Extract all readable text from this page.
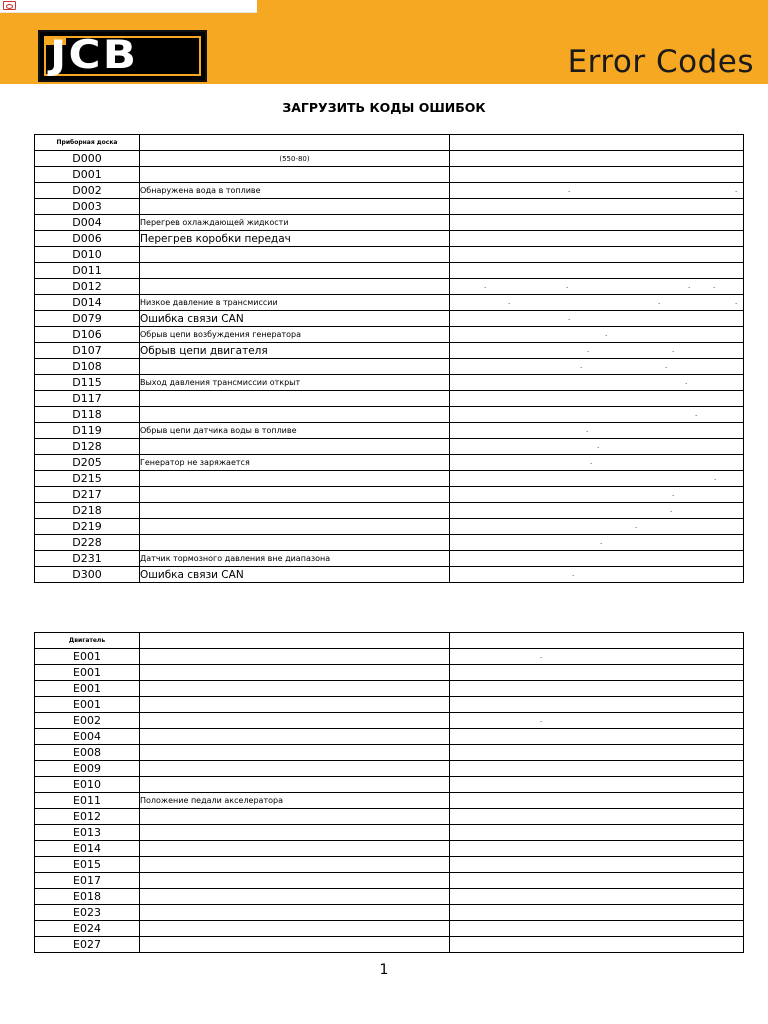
JCB	Error Codes
ЗАГРУЗИТЬ КОДЫ ОШИБОК
Приборная доска		
D000	(550-80)	

D001		
D002	Обнаружена вода в топливе	. .

D003		
D004	Перегрев охлаждающей жидкости	
D006	Перегрев коробки передач	
D010		
D011		
D012		. . . .

D014	Низкое давление в трансмиссии	. . .

D079	Ошибка связи CAN	.

D106	Обрыв цепи возбуждения генератора	.

D107	Обрыв цепи двигателя	. .

D108		. .

D115	Выход давления трансмиссии открыт	.

D117		
D118		.

D119	Обрыв цепи датчика воды в топливе	.

D128		.

D205	Генератор не заряжается	.

D215		.

D217		.

D218		.

D219		.

D228		.

D231	Датчик тормозного давления вне диапазона	
D300	Ошибка связи CAN	.
Двигатель		
E001		.

E001		
E001		
E001		
E002		.

E004		
E008		
E009		
E010		
E011	Положение педали акселератора	
E012		
E013		
E014		
E015		
E017		
E018		
E023		
E024		
E027		
1
